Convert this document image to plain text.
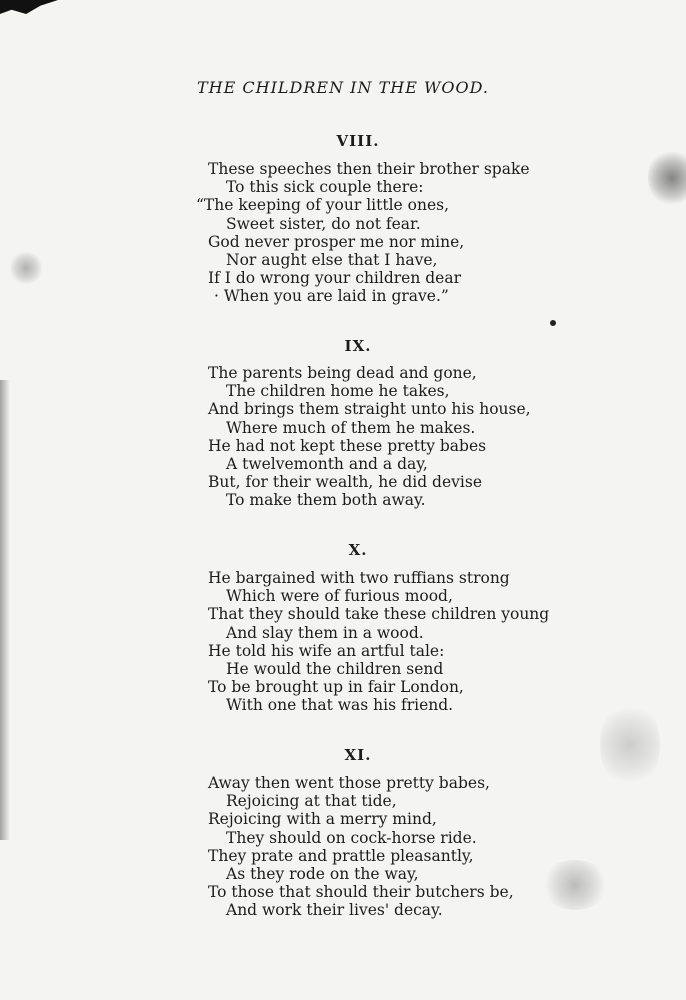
THE CHILDREN IN THE WOOD.
VIII.
These speeches then their brother spake
To this sick couple there:
“The keeping of your little ones,
Sweet sister, do not fear.
God never prosper me nor mine,
Nor aught else that I have,
If I do wrong your children dear
· When you are laid in grave.”
IX.
The parents being dead and gone,
The children home he takes,
And brings them straight unto his house,
Where much of them he makes.
He had not kept these pretty babes
A twelvemonth and a day,
But, for their wealth, he did devise
To make them both away.
X.
He bargained with two ruffians strong
Which were of furious mood,
That they should take these children young
And slay them in a wood.
He told his wife an artful tale:
He would the children send
To be brought up in fair London,
With one that was his friend.
XI.
Away then went those pretty babes,
Rejoicing at that tide,
Rejoicing with a merry mind,
They should on cock-horse ride.
They prate and prattle pleasantly,
As they rode on the way,
To those that should their butchers be,
And work their lives' decay.
